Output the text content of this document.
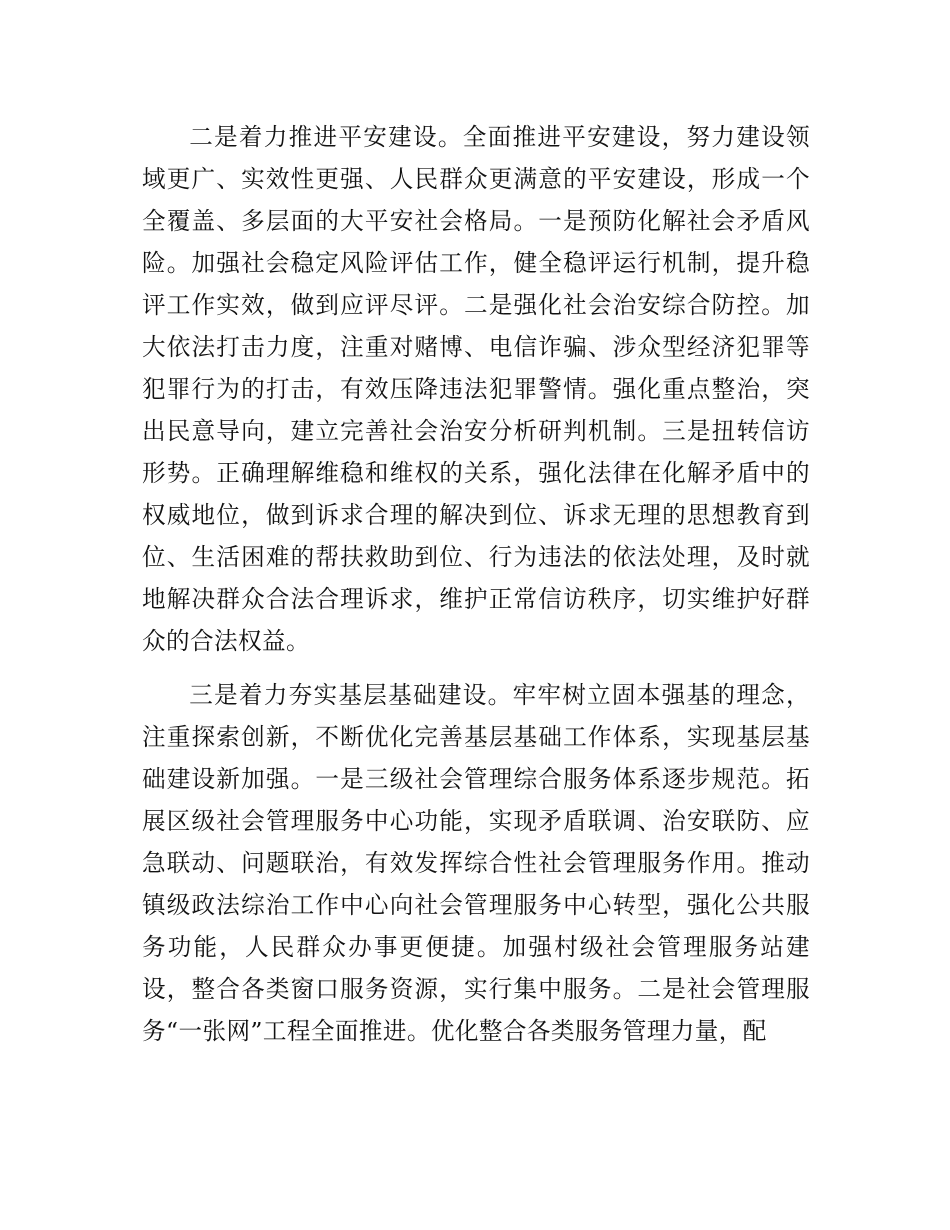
二是着力推进平安建设。全面推进平安建设，努力建设领域更广、实效性更强、人民群众更满意的平安建设，形成一个全覆盖、多层面的大平安社会格局。一是预防化解社会矛盾风险。加强社会稳定风险评估工作，健全稳评运行机制，提升稳评工作实效，做到应评尽评。二是强化社会治安综合防控。加大依法打击力度，注重对赌博、电信诈骗、涉众型经济犯罪等犯罪行为的打击，有效压降违法犯罪警情。强化重点整治，突出民意导向，建立完善社会治安分析研判机制。三是扭转信访形势。正确理解维稳和维权的关系，强化法律在化解矛盾中的权威地位，做到诉求合理的解决到位、诉求无理的思想教育到位、生活困难的帮扶救助到位、行为违法的依法处理，及时就地解决群众合法合理诉求，维护正常信访秩序，切实维护好群众的合法权益。

三是着力夯实基层基础建设。牢牢树立固本强基的理念，注重探索创新，不断优化完善基层基础工作体系，实现基层基础建设新加强。一是三级社会管理综合服务体系逐步规范。拓展区级社会管理服务中心功能，实现矛盾联调、治安联防、应急联动、问题联治，有效发挥综合性社会管理服务作用。推动镇级政法综治工作中心向社会管理服务中心转型，强化公共服务功能，人民群众办事更便捷。加强村级社会管理服务站建设，整合各类窗口服务资源，实行集中服务。二是社会管理服务“一张网”工程全面推进。优化整合各类服务管理力量，配
